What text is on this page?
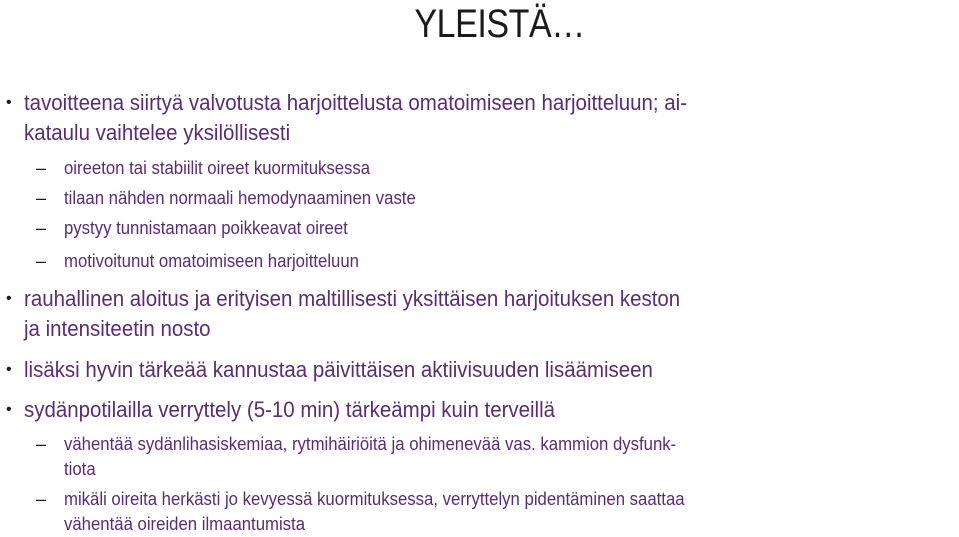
YLEISTÄ…
• tavoitteena siirtyä valvotusta harjoittelusta omatoimiseen harjoitteluun; ai-
kataulu vaihtelee yksilöllisesti
– oireeton tai stabiilit oireet kuormituksessa
– tilaan nähden normaali hemodynaaminen vaste
– pystyy tunnistamaan poikkeavat oireet
– motivoitunut omatoimiseen harjoitteluun
• rauhallinen aloitus ja erityisen maltillisesti yksittäisen harjoituksen keston
ja intensiteetin nosto
• lisäksi hyvin tärkeää kannustaa päivittäisen aktiivisuuden lisäämiseen
• sydänpotilailla verryttely (5-10 min) tärkeämpi kuin terveillä
– vähentää sydänlihasiskemiaa, rytmihäiriöitä ja ohimenevää vas. kammion dysfunk-
tiota
– mikäli oireita herkästi jo kevyessä kuormituksessa, verryttelyn pidentäminen saattaa
vähentää oireiden ilmaantumista
